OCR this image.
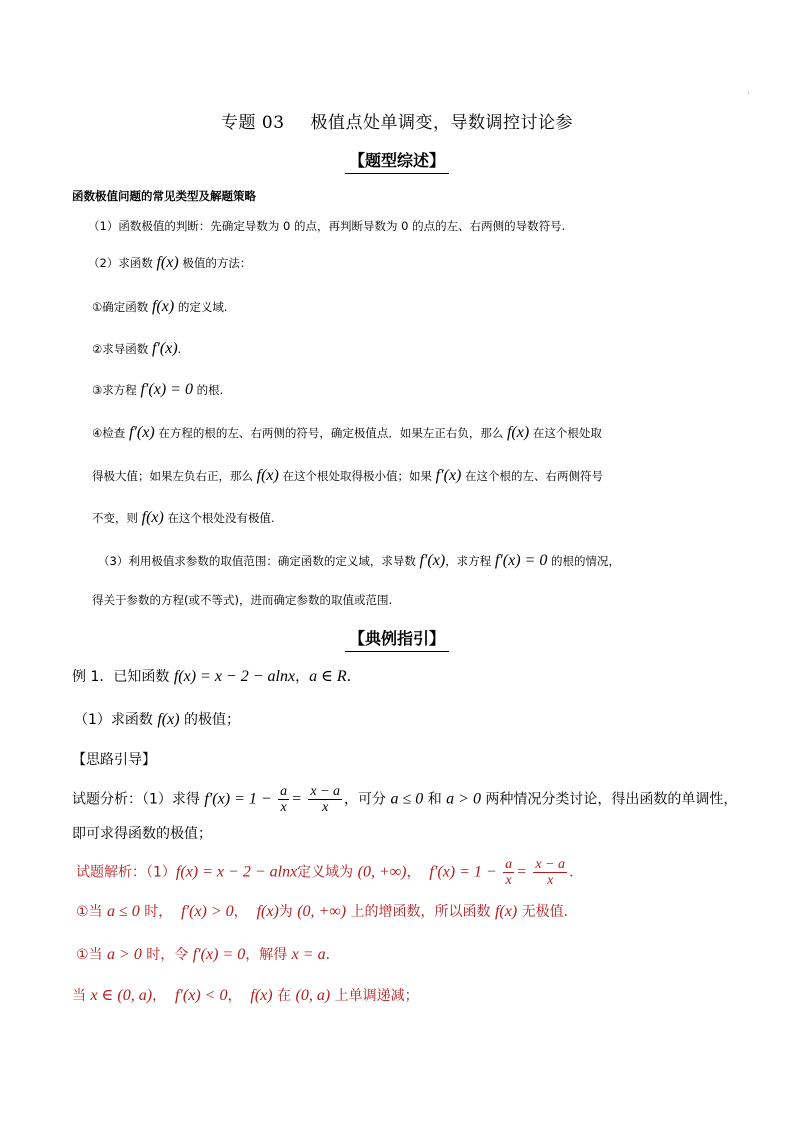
'
专题 03 极值点处单调变，导数调控讨论参
【题型综述】
函数极值问题的常见类型及解题策略
（1）函数极值的判断：先确定导数为 0 的点，再判断导数为 0 的点的左、右两侧的导数符号.
（2）求函数 f(x) 极值的方法：
①确定函数 f(x) 的定义域.
②求导函数 f′(x).
③求方程 f′(x) = 0 的根.
④检查 f′(x) 在方程的根的左、右两侧的符号，确定极值点．如果左正右负，那么 f(x) 在这个根处取
得极大值；如果左负右正，那么 f(x) 在这个根处取得极小值；如果 f′(x) 在这个根的左、右两侧符号
不变，则 f(x) 在这个根处没有极值.
（3）利用极值求参数的取值范围：确定函数的定义域，求导数 f′(x)，求方程 f′(x) = 0 的根的情况，
得关于参数的方程(或不等式)，进而确定参数的取值或范围.
【典例指引】
例 1．已知函数 f(x) = x − 2 − alnx，a ∈ R．
（1）求函数 f(x) 的极值；
【思路引导】
试题分析：（1）求得 $f'(x) = 1 - \frac{a}{x} = \frac{x - a}{x}$ ，可分 a ≤ 0 和 a > 0 两种情况分类讨论，得出函数的单调性，
即可求得函数的极值；
试题解析：（1）f(x) = x − 2 − alnx定义域为 (0, +∞)， $f'(x) = 1 - \frac{a}{x} = \frac{x - a}{x}$ ．
①当 a ≤ 0 时， f′(x) > 0， f(x)为 (0, +∞) 上的增函数，所以函数 f(x) 无极值．
①当 a > 0 时，令 f′(x) = 0，解得 x = a．
当 x ∈ (0, a)， f′(x) < 0， f(x) 在 (0, a) 上单调递减；
